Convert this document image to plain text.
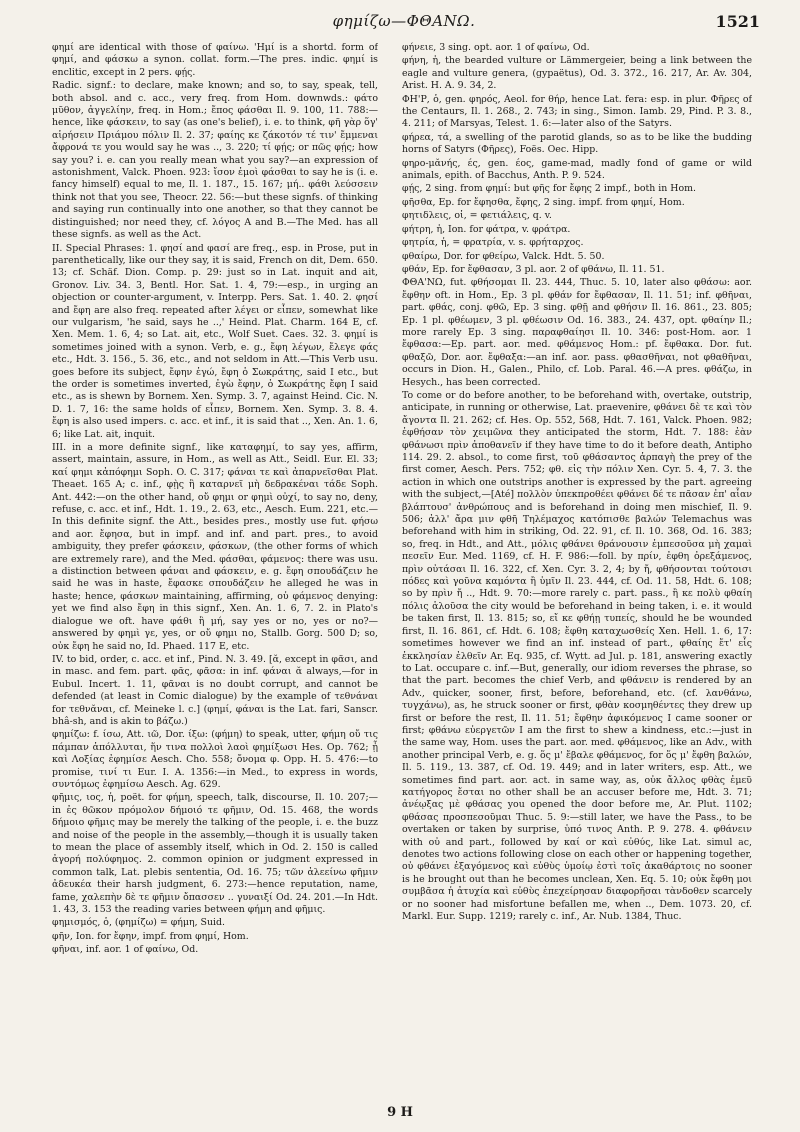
φημίζω—ΦΘΑΝΩ.	1521

φημί are identical with those of φαίνω. 'Ημί is a shortd. form of φημί, and φάσκω a synon. collat. form.—The pres. indic. φημί is enclitic, except in 2 pers. φῄς.

Radic. signf.: to declare, make known; and so, to say, speak, tell, both absol. and c. acc., very freq. from Hom. downwds.: φάτο μῦθον, ἀγγελίην, freq. in Hom.; ἔπος φάσθαι Il. 9. 100, 11. 788:—hence, like φάσκειν, to say (as one's belief), i. e. to think, φῆ γὰρ ὅγ' αἱρήσειν Πριάμου πόλιν Il. 2. 37; φαίης κε ζάκοτόν τέ τιν' ἔμμεναι ἄφρονά τε you would say he was .., 3. 220; τί φῄς; or πῶς φῄς; how say you? i. e. can you really mean what you say?—an expression of astonishment, Valck. Phoen. 923: ἴσον ἐμοὶ φάσθαι to say he is (i. e. fancy himself) equal to me, Il. 1. 187., 15. 167; μή.. φάθι λεύσσειν think not that you see, Theocr. 22. 56:—but these signfs. of thinking and saying run continually into one another, so that they cannot be distinguished; nor need they, cf. λόγος A and B.—The Med. has all these signfs. as well as the Act.

II. Special Phrases: 1. φησί and φασί are freq., esp. in Prose, put in parenthetically, like our they say, it is said, French on dit, Dem. 650. 13; cf. Schäf. Dion. Comp. p. 29: just so in Lat. inquit and ait, Gronov. Liv. 34. 3, Bentl. Hor. Sat. 1. 4, 79:—esp., in urging an objection or counter-argument, v. Interpp. Pers. Sat. 1. 40. 2. φησί and ἔφη are also freq. repeated after λέγει or εἶπεν, somewhat like our vulgarism, 'he said, says he ..,' Heind. Plat. Charm. 164 E, cf. Xen. Mem. 1. 6, 4; so Lat. ait, etc., Wolf Suet. Caes. 32. 3. φημί is sometimes joined with a synon. Verb, e. g., ἔφη λέγων, ἔλεγε φάς etc., Hdt. 3. 156., 5. 36, etc., and not seldom in Att.—This Verb usu. goes before its subject, ἔφην ἐγώ, ἔφη ὁ Σωκράτης, said I etc., but the order is sometimes inverted, ἐγὼ ἔφην, ὁ Σωκράτης ἔφη I said etc., as is shewn by Bornem. Xen. Symp. 3. 7, against Heind. Cic. N. D. 1. 7, 16: the same holds of εἶπεν, Bornem. Xen. Symp. 3. 8. 4. ἔφη is also used impers. c. acc. et inf., it is said that .., Xen. An. 1. 6, 6; like Lat. ait, inquit.

III. in a more definite signf., like καταφημί, to say yes, affirm, assert, maintain, assure, in Hom., as well as Att., Seidl. Eur. El. 33; καί φημι κἀπόφημι Soph. O. C. 317; φάναι τε καὶ ἀπαρνεῖσθαι Plat. Theaet. 165 A; c. inf., φῂς ἢ καταρνεῖ μὴ δεδρακέναι τάδε Soph. Ant. 442:—on the other hand, οὔ φημι or φημὶ οὐχί, to say no, deny, refuse, c. acc. et inf., Hdt. 1. 19., 2. 63, etc., Aesch. Eum. 221, etc.—In this definite signf. the Att., besides pres., mostly use fut. φήσω and aor. ἔφησα, but in impf. and inf. and part. pres., to avoid ambiguity, they prefer φάσκειν, φάσκων, (the other forms of which are extremely rare), and the Med. φάσθαι, φάμενος: there was usu. a distinction between φάναι and φάσκειν, e. g. ἔφη σπουδάζειν he said he was in haste, ἔφασκε σπουδάζειν he alleged he was in haste; hence, φάσκων maintaining, affirming, οὐ φάμενος denying: yet we find also ἔφη in this signf., Xen. An. 1. 6, 7. 2. in Plato's dialogue we oft. have φάθι ἢ μή, say yes or no, yes or no?—answered by φημὶ γε, yes, or οὔ φημι no, Stallb. Gorg. 500 D; so, οὐκ ἔφη he said no, Id. Phaed. 117 E, etc.

IV. to bid, order, c. acc. et inf., Pind. N. 3. 49. [ᾰ, except in φᾶσι, and in masc. and fem. part. φᾱς, φᾶσα: in inf. φάναι ᾰ always,—for in Eubul. Incert. 1. 11, φᾶναι is no doubt corrupt, and cannot be defended (at least in Comic dialogue) by the example of τεθνάναι for τεθνᾰναι, cf. Meineke l. c.] (φημί, φάναι is the Lat. fari, Sanscr. bhâ-sh, and is akin to βάζω.)

φημίζω: f. ίσω, Att. ιῶ, Dor. ίξω: (φήμη) to speak, utter, φήμη οὔ τις πάμπαν ἀπόλλυται, ἥν τινα πολλοὶ λαοὶ φημίξωσι Hes. Op. 762; ᾗ καὶ Λοξίας ἐφημίσε Aesch. Cho. 558; ὄνομα φ. Opp. H. 5. 476:—to promise, τινί τι Eur. I. A. 1356:—in Med., to express in words, συντόμως ἐφημίσω Aesch. Ag. 629.

φῆμις, ιος, ἡ, poët. for φήμη, speech, talk, discourse, Il. 10. 207;— in ἐς θῶκον πρόμολον δήμοιό τε φῆμιν, Od. 15. 468, the words δήμοιο φῆμις may be merely the talking of the people, i. e. the buzz and noise of the people in the assembly,—though it is usually taken to mean the place of assembly itself, which in Od. 2. 150 is called ἀγορή πολύφημος. 2. common opinion or judgment expressed in common talk, Lat. plebis sententia, Od. 16. 75; τῶν ἀλεείνω φῆμιν ἀδευκέα their harsh judgment, 6. 273:—hence reputation, name, fame, χαλεπὴν δὲ τε φῆμιν ὄπασσεν .. γυναιξί Od. 24. 201.—In Hdt. 1. 43, 3. 153 the reading varies between φήμη and φῆμις.

φημισμός, ὁ, (φημίζω) = φήμη, Suid.

φῆν, Ion. for ἔφην, impf. from φημί, Hom.

φῆναι, inf. aor. 1 of φαίνω, Od.

φήνειε, 3 sing. opt. aor. 1 of φαίνω, Od.

φήνη, ἡ, the bearded vulture or Lämmergeier, being a link between the eagle and vulture genera, (gypaëtus), Od. 3. 372., 16. 217, Ar. Av. 304, Arist. H. A. 9. 34, 2.

ΦΗ'Ρ, ὁ, gen. φηρός, Aeol. for θήρ, hence Lat. fera: esp. in plur. Φῆρες of the Centaurs, Il. 1. 268., 2. 743; in sing., Simon. Iamb. 29, Pind. P. 3. 8., 4. 211; of Marsyas, Telest. 1. 6:—later also of the Satyrs.

φήρεα, τά, a swelling of the parotid glands, so as to be like the budding horns of Satyrs (Φῆρες), Foës. Oec. Hipp.

φηρο-μᾰνής, ές, gen. έος, game-mad, madly fond of game or wild animals, epith. of Bacchus, Anth. P. 9. 524.

φῄς, 2 sing. from φημί: but φῆς for ἔφης 2 impf., both in Hom.

φῆσθα, Ep. for ἔφησθα, ἔφης, 2 sing. impf. from φημί, Hom.

φητιδλεις, οἱ, = φετιάλεις, q. v.

φήτρη, ἡ, Ion. for φάτρα, v. φράτρα.

φητρία, ἡ, = φρατρία, v. s. φρήταρχος.

φθαίρω, Dor. for φθείρω, Valck. Hdt. 5. 50.

φθάν, Ep. for ἔφθασαν, 3 pl. aor. 2 of φθάνω, Il. 11. 51.

ΦΘΑ'ΝΩ, fut. φθήσομαι Il. 23. 444, Thuc. 5. 10, later also φθάσω: aor. ἔφθην oft. in Hom., Ep. 3 pl. φθάν for ἔφθασαν, Il. 11. 51; inf. φθῆναι, part. φθάς, conj. φθῶ, Ep. 3 sing. φθῇ and φθήσιν Il. 16. 861., 23. 805; Ep. 1 pl. φθέωμεν, 3 pl. φθέωσιν Od. 16. 383., 24. 437, opt. φθαίην Il.; more rarely Ep. 3 sing. παραφθαίησι Il. 10. 346: post-Hom. aor. 1 ἔφθασα:—Ep. part. aor. med. φθάμενος Hom.: pf. ἔφθακα. Dor. fut. φθαξῶ, Dor. aor. ἔφθαξα:—an inf. aor. pass. φθασθῆναι, not φθαθῆναι, occurs in Dion. H., Galen., Philo, cf. Lob. Paral. 46.—A pres. φθάζω, in Hesych., has been corrected.

To come or do before another, to be beforehand with, overtake, outstrip, anticipate, in running or otherwise, Lat. praevenire, φθάνει δὲ τε καὶ τὸν ἄγοντα Il. 21. 262; cf. Hes. Op. 552, 568, Hdt. 7. 161, Valck. Phoen. 982; ἐφθήσαν τὸν χειμῶνα they anticipated the storm, Hdt. 7. 188: ἐὰν φθάνωσι πρὶν ἀποθανεῖν if they have time to do it before death, Antipho 114. 29. 2. absol., to come first, τοῦ φθάσαντος ἁρπαγὴ the prey of the first comer, Aesch. Pers. 752; φθ. εἰς τὴν πόλιν Xen. Cyr. 5. 4, 7. 3. the action in which one outstrips another is expressed by the part. agreeing with the subject,—[Até] πολλὸν ὑπεκπροθέει φθάνει δέ τε πᾶσαν ἐπ' αἶαν βλάπτουσ' ἀνθρώπους and is beforehand in doing men mischief, Il. 9. 506; ἀλλ' ἄρα μιν φθῆ Τηλέμαχος κατόπισθε βαλών Telemachus was beforehand with him in striking, Od. 22. 91, cf. Il. 10. 368, Od. 16. 383; so, freq. in Hdt., and Att., μόλις φθάνει θράνουσιν ἐμπεσοῦσα μὴ χαμαὶ πεσεῖν Eur. Med. 1169, cf. H. F. 986:—foll. by πρίν, ἐφθη ὀρεξάμενος, πρὶν οὐτάσαι Il. 16. 322, cf. Xen. Cyr. 3. 2, 4; by ἤ, φθήσονται τούτοισι πόδες καὶ γοῦνα καμόντα ἢ ὑμῖν Il. 23. 444, cf. Od. 11. 58, Hdt. 6. 108; so by πρὶν ἤ .., Hdt. 9. 70:—more rarely c. part. pass., ἢ κε πολὺ φθαίη πόλις ἁλοῦσα the city would be beforehand in being taken, i. e. it would be taken first, Il. 13. 815; so, εἴ κε φθήῃ τυπείς, should he be wounded first, Il. 16. 861, cf. Hdt. 6. 108; ἔφθη καταχωσθείς Xen. Hell. 1. 6, 17: sometimes however we find an inf. instead of part., φθαίης ἔτ' εἷς ἐκκλησίαν ἐλθεῖν Ar. Eq. 935, cf. Wytt. ad Jul. p. 181, answering exactly to Lat. occupare c. inf.—But, generally, our idiom reverses the phrase, so that the part. becomes the chief Verb, and φθάνειν is rendered by an Adv., quicker, sooner, first, before, beforehand, etc. (cf. λανθάνω, τυγχάνω), as, he struck sooner or first, φθὰν κοσμηθέντες they drew up first or before the rest, Il. 11. 51; ἔφθην ἀφικόμενος I came sooner or first; φθάνω εὐεργετῶν I am the first to shew a kindness, etc.:—just in the same way, Hom. uses the part. aor. med. φθάμενος, like an Adv., with another principal Verb, e. g. ὅς μ' ἔβαλε φθάμενος, for ὅς μ' ἔφθη βαλών, Il. 5. 119., 13. 387, cf. Od. 19. 449; and in later writers, esp. Att., we sometimes find part. aor. act. in same way, as, οὐκ ἄλλος φθὰς ἐμεῦ κατήγορος ἔσται no other shall be an accuser before me, Hdt. 3. 71; ἀνέῳξας μὲ φθάσας you opened the door before me, Ar. Plut. 1102; φθάσας προσπεσοῦμαι Thuc. 5. 9:—still later, we have the Pass., to be overtaken or taken by surprise, ὑπό τινος Anth. P. 9. 278. 4. φθάνειν with οὐ and part., followed by καί or καὶ εὐθύς, like Lat. simul ac, denotes two actions following close on each other or happening together, οὐ φθάνει ἐξαγόμενος καὶ εὐθὺς ὑμοίῳ ἐστὶ τοῖς ἀκαθάρτοις no sooner is he brought out than he becomes unclean, Xen. Eq. 5. 10; οὐκ ἔφθη μοι συμβᾶσα ἡ ἀτυχία καὶ εὐθὺς ἐπεχείρησαν διαφορῆσαι τὰνδοθεν scarcely or no sooner had misfortune befallen me, when .., Dem. 1073. 20, cf. Markl. Eur. Supp. 1219; rarely c. inf., Ar. Nub. 1384, Thuc.

9 H
